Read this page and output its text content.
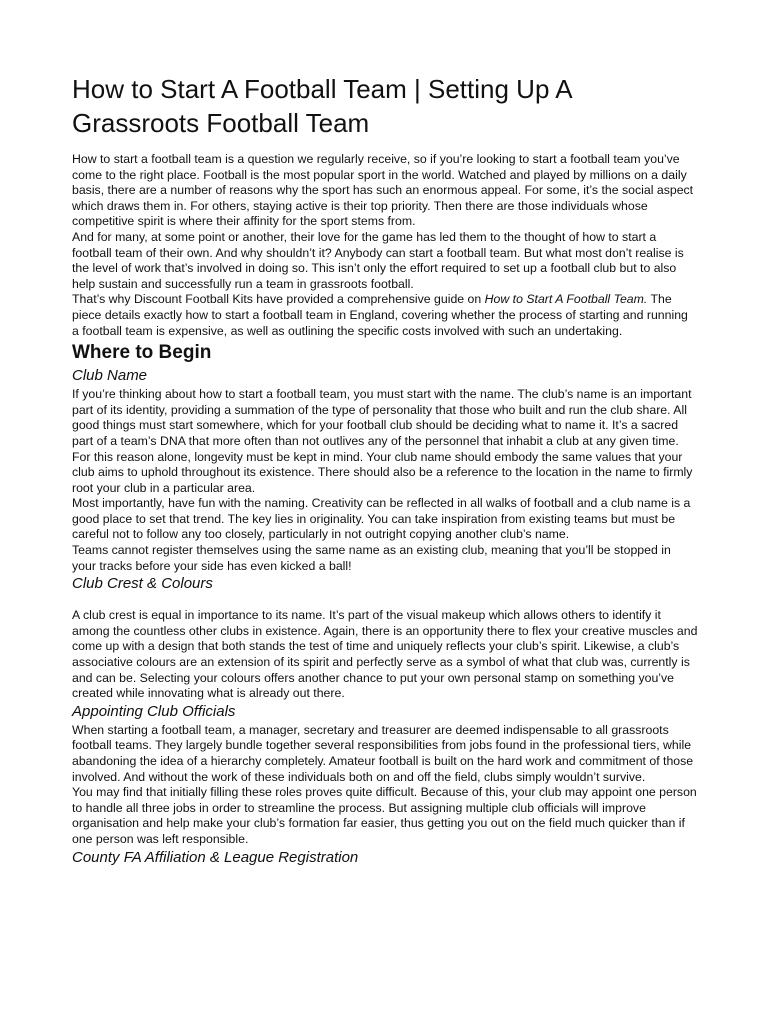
How to Start A Football Team | Setting Up A Grassroots Football Team

How to start a football team is a question we regularly receive, so if you’re looking to start a football team you’ve come to the right place. Football is the most popular sport in the world. Watched and played by millions on a daily basis, there are a number of reasons why the sport has such an enormous appeal. For some, it’s the social aspect which draws them in. For others, staying active is their top priority. Then there are those individuals whose competitive spirit is where their affinity for the sport stems from.

And for many, at some point or another, their love for the game has led them to the thought of how to start a football team of their own. And why shouldn’t it? Anybody can start a football team. But what most don’t realise is the level of work that’s involved in doing so. This isn’t only the effort required to set up a football club but to also help sustain and successfully run a team in grassroots football.

That’s why Discount Football Kits have provided a comprehensive guide on How to Start A Football Team. The piece details exactly how to start a football team in England, covering whether the process of starting and running a football team is expensive, as well as outlining the specific costs involved with such an undertaking.

Where to Begin
Club Name

If you’re thinking about how to start a football team, you must start with the name. The club’s name is an important part of its identity, providing a summation of the type of personality that those who built and run the club share. All good things must start somewhere, which for your football club should be deciding what to name it. It’s a sacred part of a team’s DNA that more often than not outlives any of the personnel that inhabit a club at any given time.

For this reason alone, longevity must be kept in mind. Your club name should embody the same values that your club aims to uphold throughout its existence. There should also be a reference to the location in the name to firmly root your club in a particular area.

Most importantly, have fun with the naming. Creativity can be reflected in all walks of football and a club name is a good place to set that trend. The key lies in originality. You can take inspiration from existing teams but must be careful not to follow any too closely, particularly in not outright copying another club’s name.

Teams cannot register themselves using the same name as an existing club, meaning that you’ll be stopped in your tracks before your side has even kicked a ball!

Club Crest & Colours

A club crest is equal in importance to its name. It’s part of the visual makeup which allows others to identify it among the countless other clubs in existence. Again, there is an opportunity there to flex your creative muscles and come up with a design that both stands the test of time and uniquely reflects your club’s spirit. Likewise, a club’s associative colours are an extension of its spirit and perfectly serve as a symbol of what that club was, currently is and can be. Selecting your colours offers another chance to put your own personal stamp on something you’ve created while innovating what is already out there.

Appointing Club Officials

When starting a football team, a manager, secretary and treasurer are deemed indispensable to all grassroots football teams. They largely bundle together several responsibilities from jobs found in the professional tiers, while abandoning the idea of a hierarchy completely. Amateur football is built on the hard work and commitment of those involved. And without the work of these individuals both on and off the field, clubs simply wouldn’t survive.

You may find that initially filling these roles proves quite difficult. Because of this, your club may appoint one person to handle all three jobs in order to streamline the process. But assigning multiple club officials will improve organisation and help make your club’s formation far easier, thus getting you out on the field much quicker than if one person was left responsible.

County FA Affiliation & League Registration
